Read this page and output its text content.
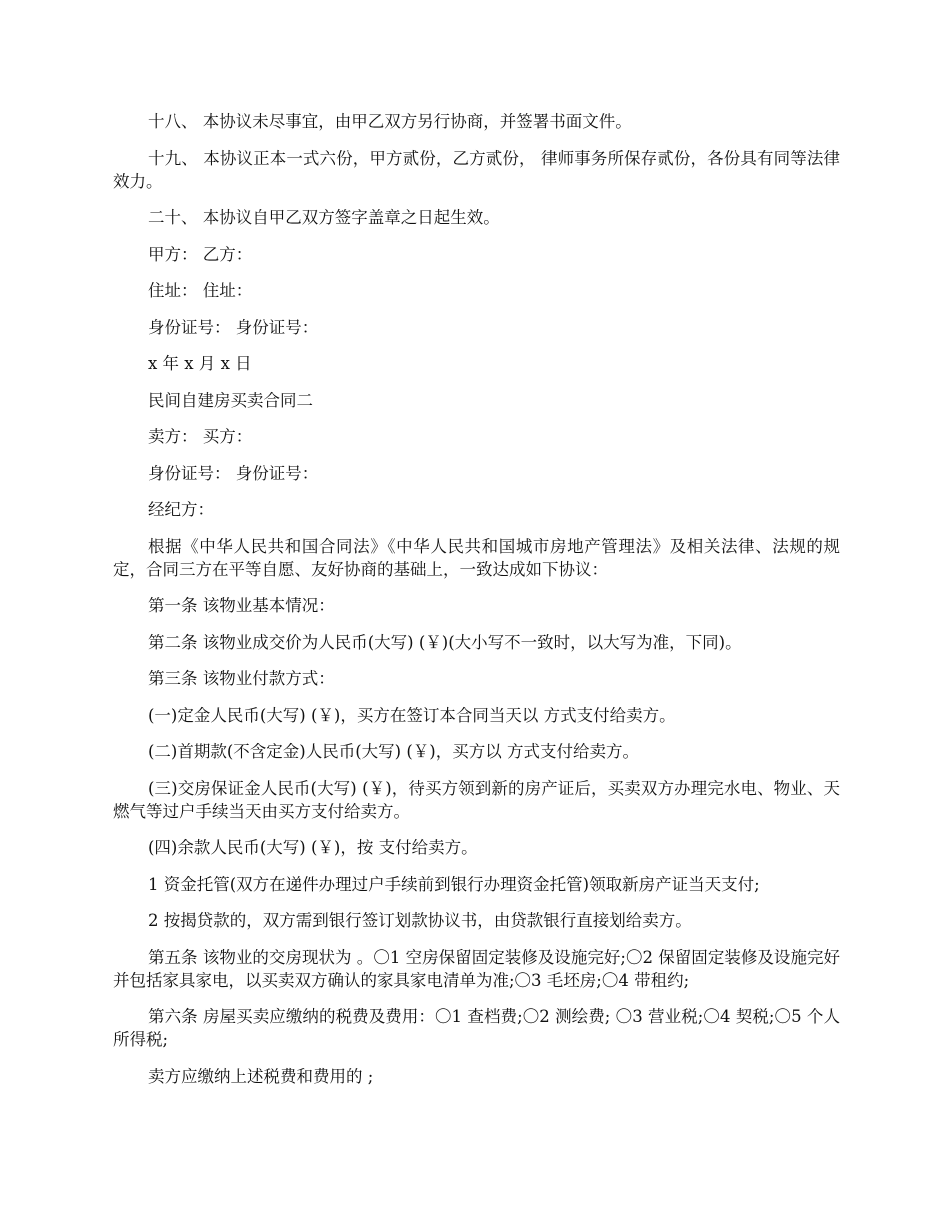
十八、 本协议未尽事宜，由甲乙双方另行协商，并签署书面文件。

十九、 本协议正本一式六份，甲方贰份，乙方贰份， 律师事务所保存贰份，各份具有同等法律效力。

二十、 本协议自甲乙双方签字盖章之日起生效。

甲方： 乙方：

住址： 住址：

身份证号： 身份证号：

x 年 x 月 x 日

民间自建房买卖合同二

卖方： 买方：

身份证号： 身份证号：

经纪方：

根据《中华人民共和国合同法》《中华人民共和国城市房地产管理法》及相关法律、法规的规定，合同三方在平等自愿、友好协商的基础上，一致达成如下协议：

第一条 该物业基本情况：

第二条 该物业成交价为人民币(大写) (￥)(大小写不一致时，以大写为准，下同)。

第三条 该物业付款方式：

(一)定金人民币(大写) (￥)，买方在签订本合同当天以 方式支付给卖方。

(二)首期款(不含定金)人民币(大写) (￥)，买方以 方式支付给卖方。

(三)交房保证金人民币(大写) (￥)，待买方领到新的房产证后，买卖双方办理完水电、物业、天燃气等过户手续当天由买方支付给卖方。

(四)余款人民币(大写) (￥)，按 支付给卖方。

1 资金托管(双方在递件办理过户手续前到银行办理资金托管)领取新房产证当天支付;

2 按揭贷款的，双方需到银行签订划款协议书，由贷款银行直接划给卖方。

第五条 该物业的交房现状为 。〇1 空房保留固定装修及设施完好;〇2 保留固定装修及设施完好并包括家具家电，以买卖双方确认的家具家电清单为准;〇3 毛坯房;〇4 带租约;

第六条 房屋买卖应缴纳的税费及费用：〇1 查档费;〇2 测绘费; 〇3 营业税;〇4 契税;〇5 个人所得税;

卖方应缴纳上述税费和费用的 ;
